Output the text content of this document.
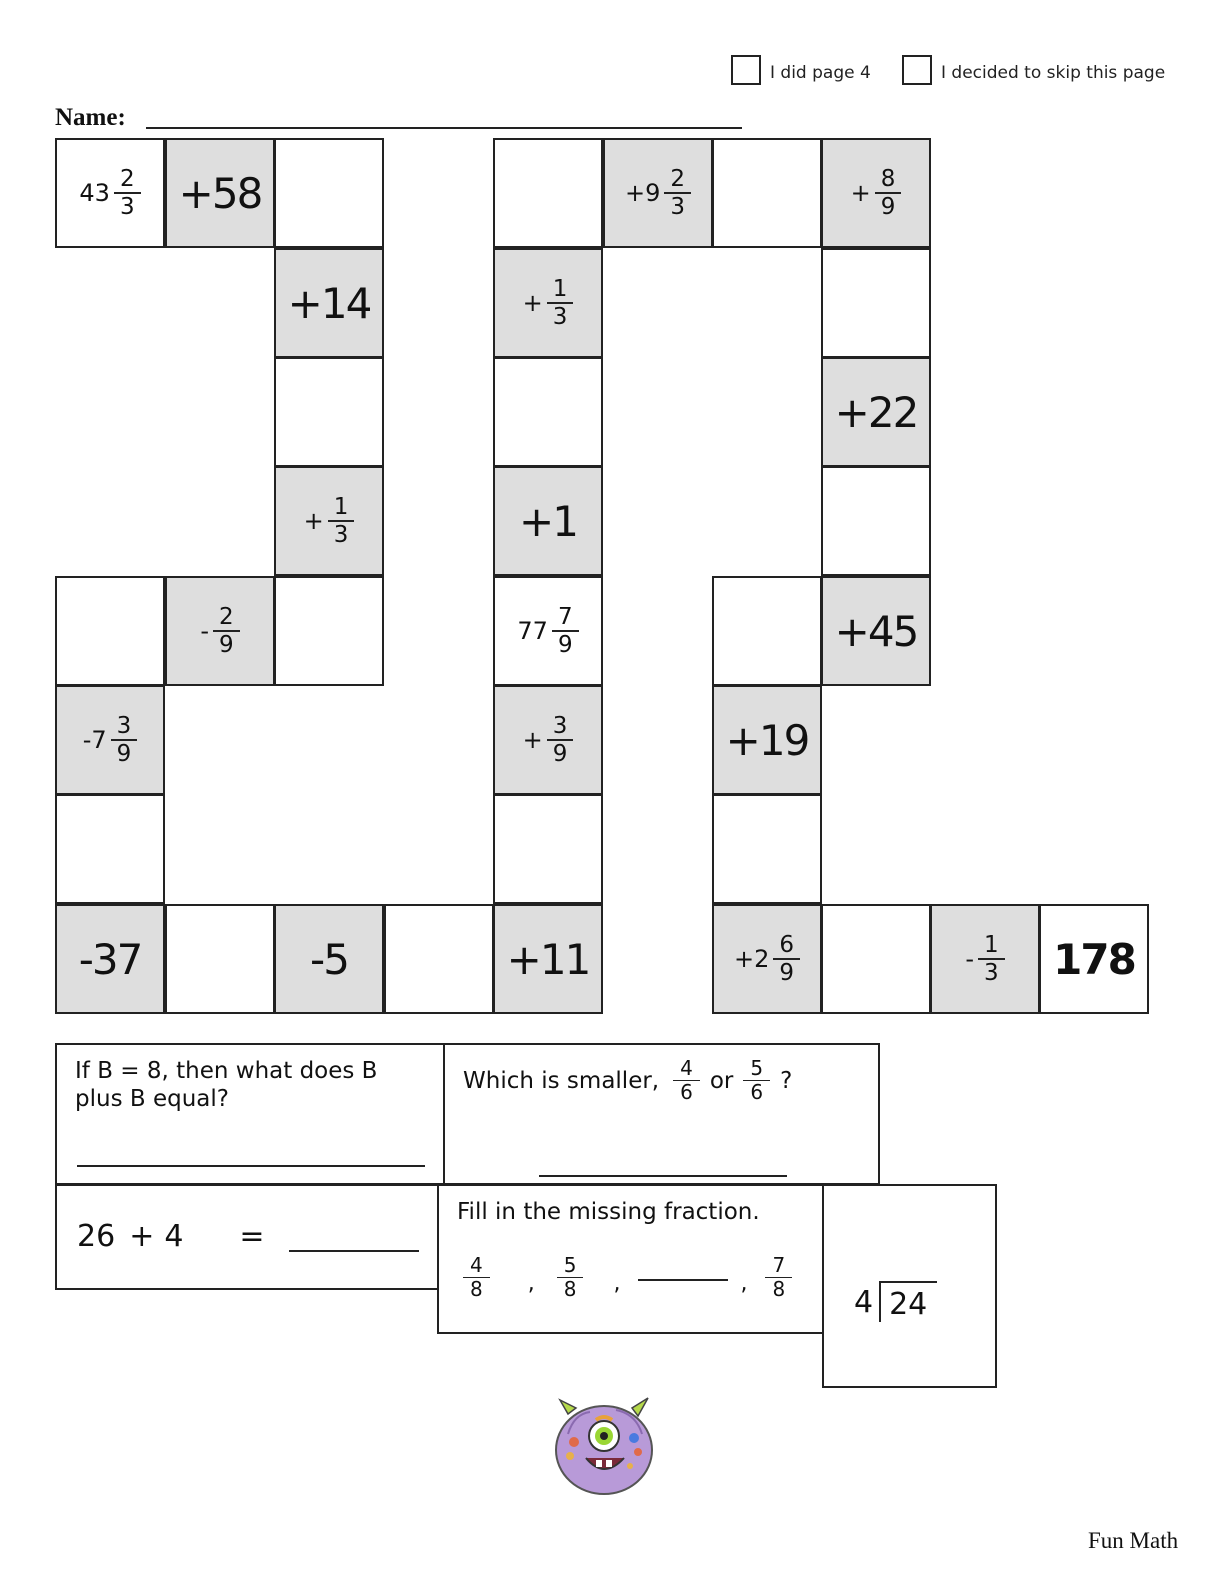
I did page 4	I decided to skip this page
Name:
$43 \frac{2}{3} +58$
+14
+ $\frac{1}{3}$
- $\frac{2}{9}$
$-7 \frac{3}{9}$
-37	-5	+11
+ $\frac{3}{9}$
$77 \frac{7}{9}$
+1
+ $\frac{1}{3}$
$+9 \frac{2}{3}$	+ $\frac{8}{9}$
+22
+45
+19
$+2 \frac{6}{9}$	- $\frac{1}{3} 178$
If B = 8, then what does B plus B equal?
Which is smaller, $\frac{4}{6}$ or $\frac{5}{6}$ ?
26 + 4 =
Fill in the missing fraction.
$\frac{4}{8}$ , $\frac{5}{8}$ ,	, $\frac{7}{8}$
4 24
Fun Math
